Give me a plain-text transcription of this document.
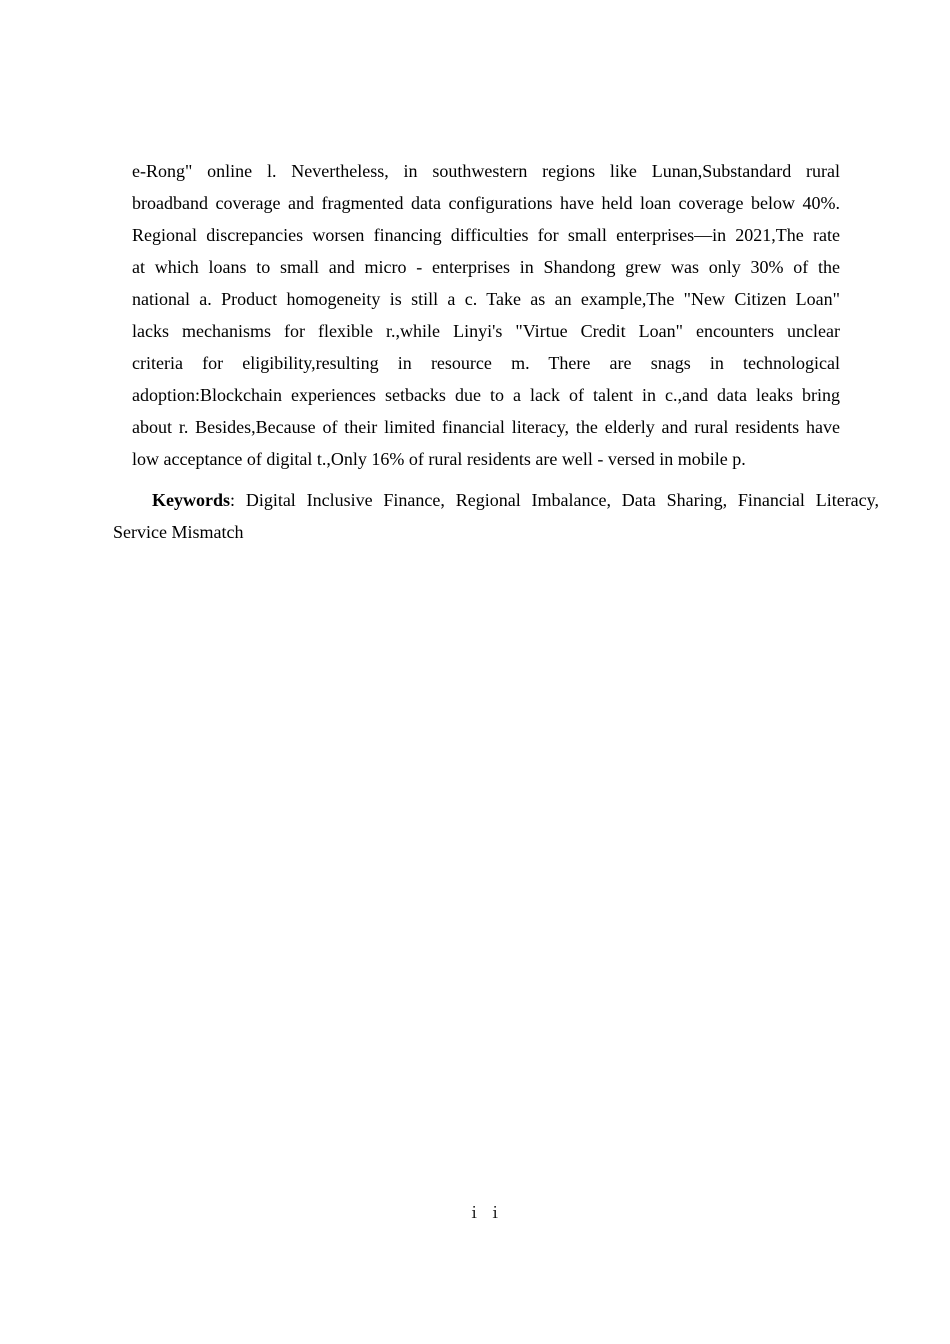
e-Rong" online l. Nevertheless, in southwestern regions like Lunan,Substandard rural
broadband coverage and fragmented data configurations have held loan coverage below 40%.
Regional discrepancies worsen financing difficulties for small enterprises—in 2021,The rate
at which loans to small and micro - enterprises in Shandong grew was only 30% of the
national a. Product homogeneity is still a c. Take as an example,The "New Citizen Loan"
lacks mechanisms for flexible r.,while Linyi's "Virtue Credit Loan" encounters unclear
criteria for eligibility,resulting in resource m. There are snags in technological
adoption:Blockchain experiences setbacks due to a lack of talent in c.,and data leaks bring
about r. Besides,Because of their limited financial literacy, the elderly and rural residents have
low acceptance of digital t.,Only 16% of rural residents are well - versed in mobile p.
Keywords: Digital Inclusive Finance, Regional Imbalance, Data Sharing, Financial Literacy,
Service Mismatch
ｉｉ
